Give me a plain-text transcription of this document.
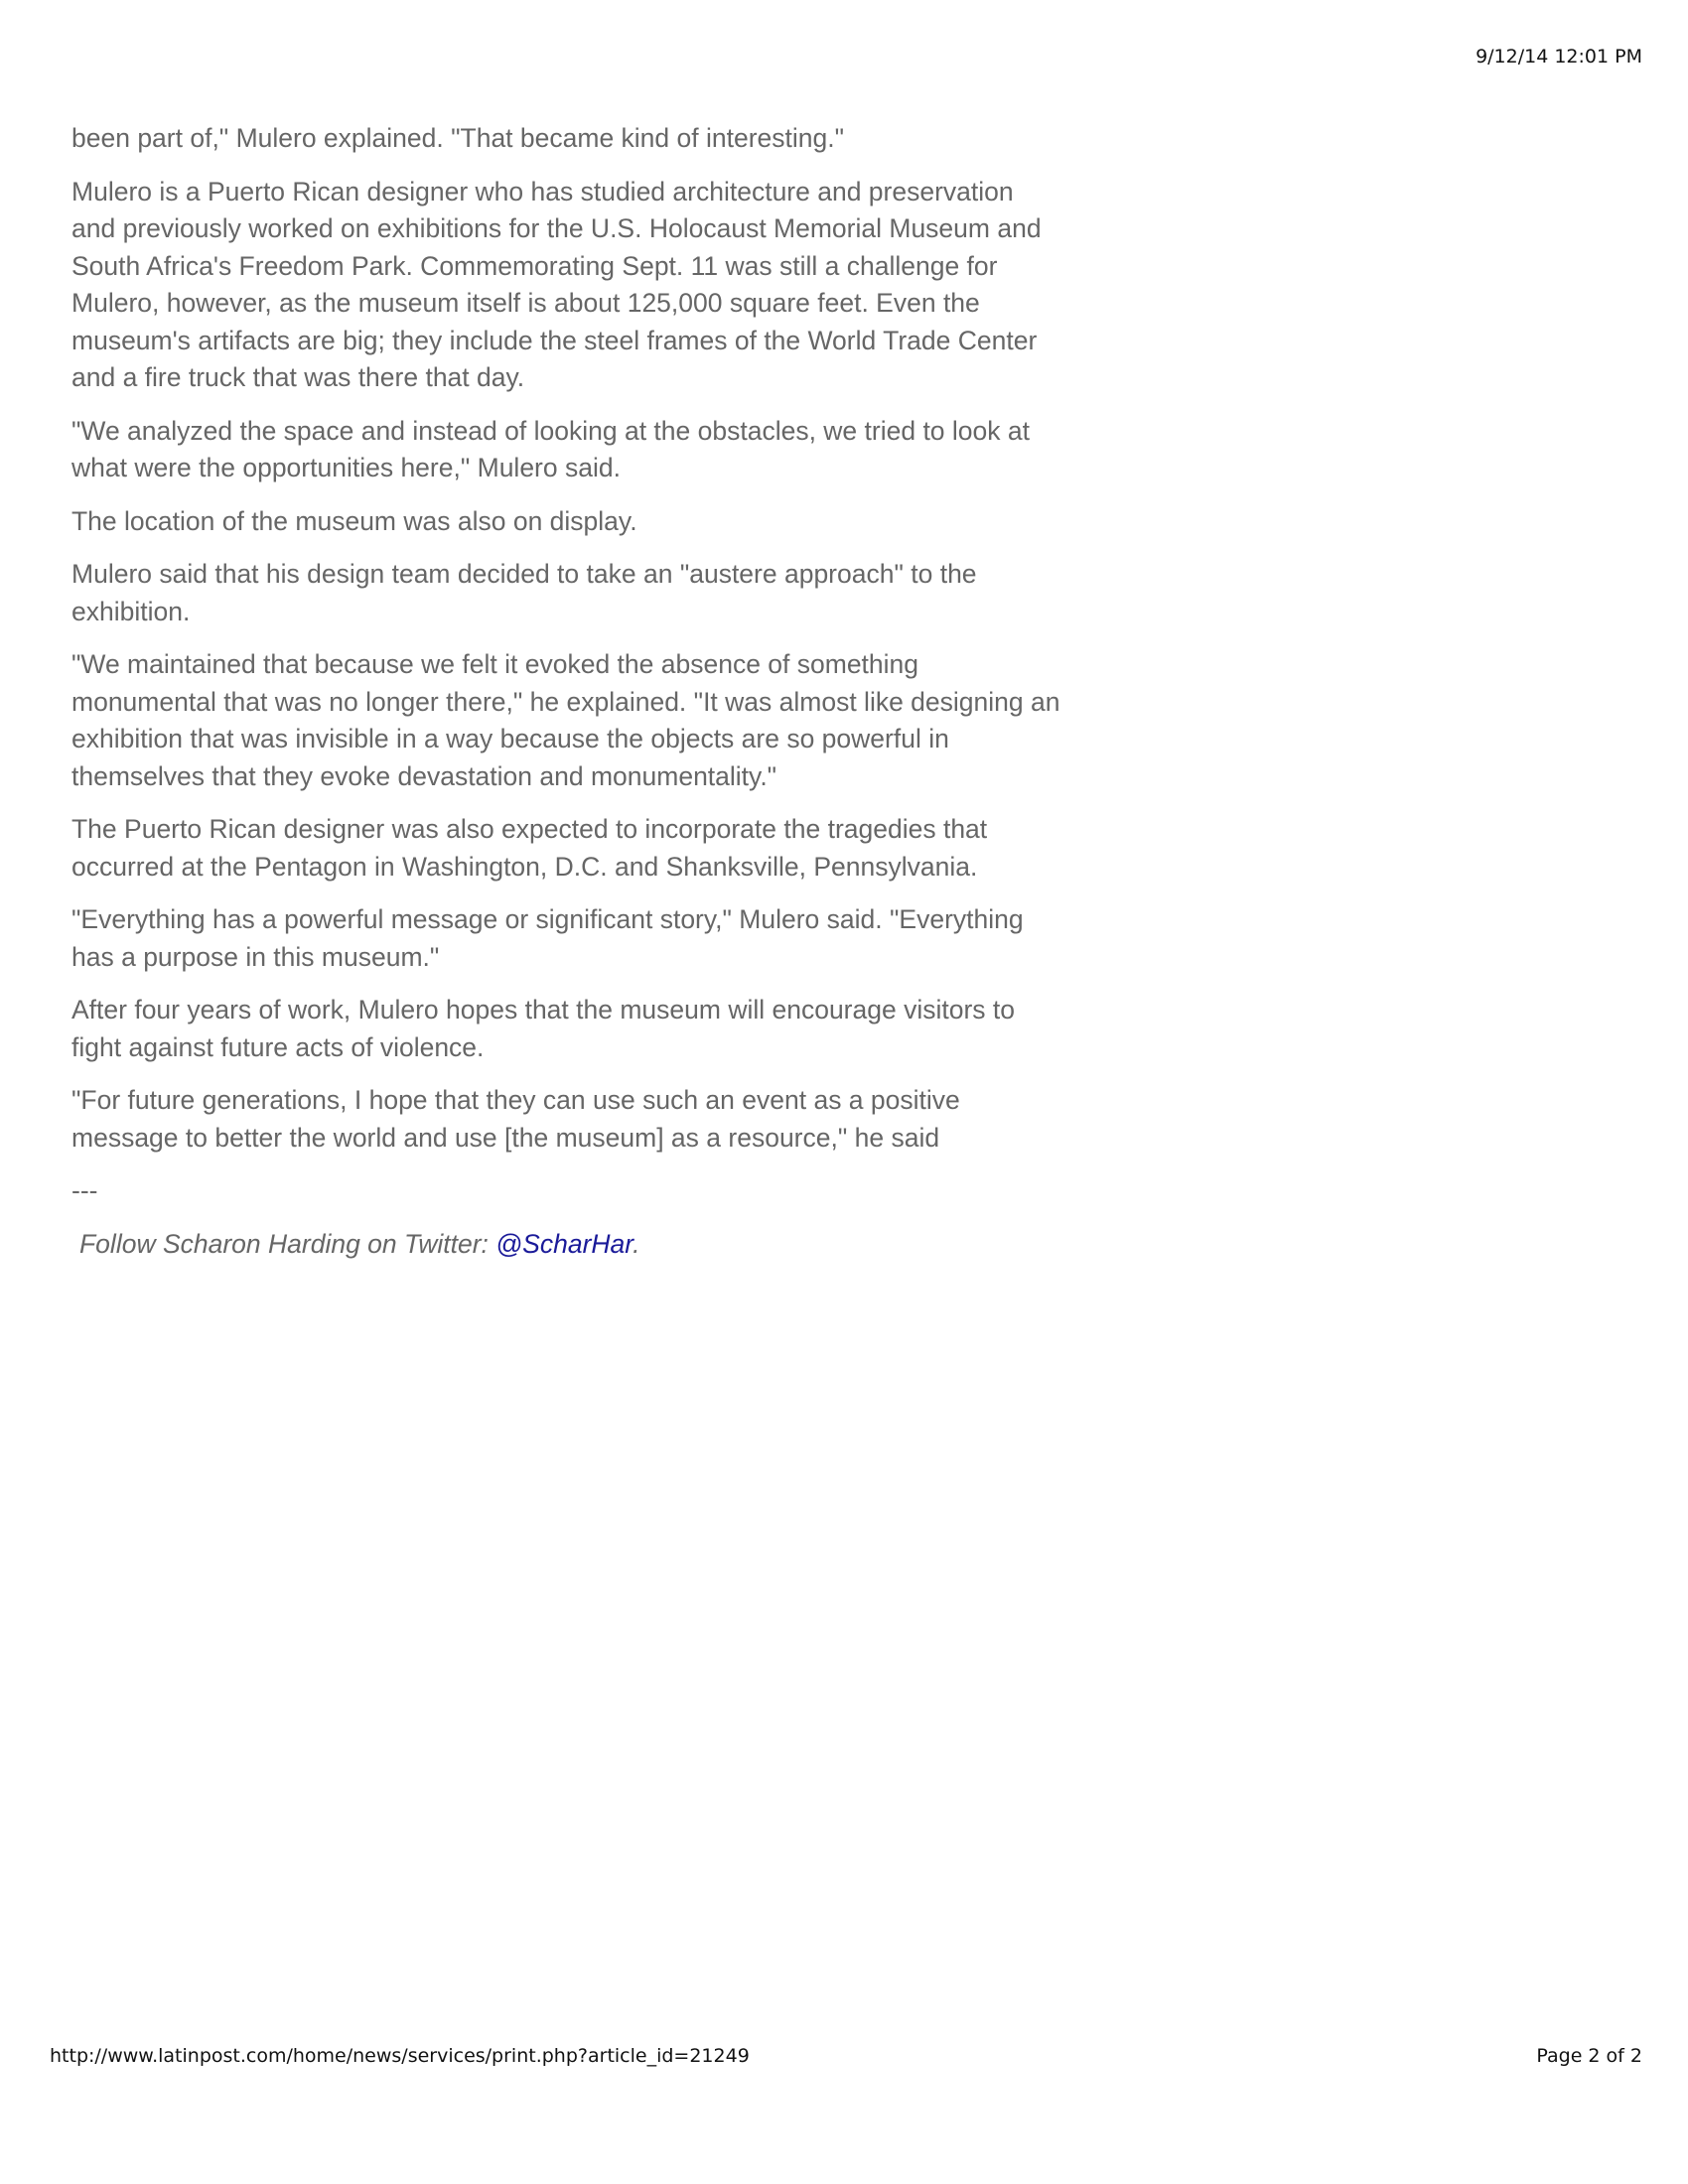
9/12/14 12:01 PM

been part of," Mulero explained. "That became kind of interesting."

Mulero is a Puerto Rican designer who has studied architecture and preservation and previously worked on exhibitions for the U.S. Holocaust Memorial Museum and South Africa's Freedom Park. Commemorating Sept. 11 was still a challenge for Mulero, however, as the museum itself is about 125,000 square feet. Even the museum's artifacts are big; they include the steel frames of the World Trade Center and a fire truck that was there that day.

"We analyzed the space and instead of looking at the obstacles, we tried to look at what were the opportunities here," Mulero said.

The location of the museum was also on display.

Mulero said that his design team decided to take an "austere approach" to the exhibition.

"We maintained that because we felt it evoked the absence of something monumental that was no longer there," he explained. "It was almost like designing an exhibition that was invisible in a way because the objects are so powerful in themselves that they evoke devastation and monumentality."

The Puerto Rican designer was also expected to incorporate the tragedies that occurred at the Pentagon in Washington, D.C. and Shanksville, Pennsylvania.

"Everything has a powerful message or significant story," Mulero said. "Everything has a purpose in this museum."

After four years of work, Mulero hopes that the museum will encourage visitors to fight against future acts of violence.

"For future generations, I hope that they can use such an event as a positive message to better the world and use [the museum] as a resource," he said

---

Follow Scharon Harding on Twitter: @ScharHar.

http://www.latinpost.com/home/news/services/print.php?article_id=21249	Page 2 of 2
